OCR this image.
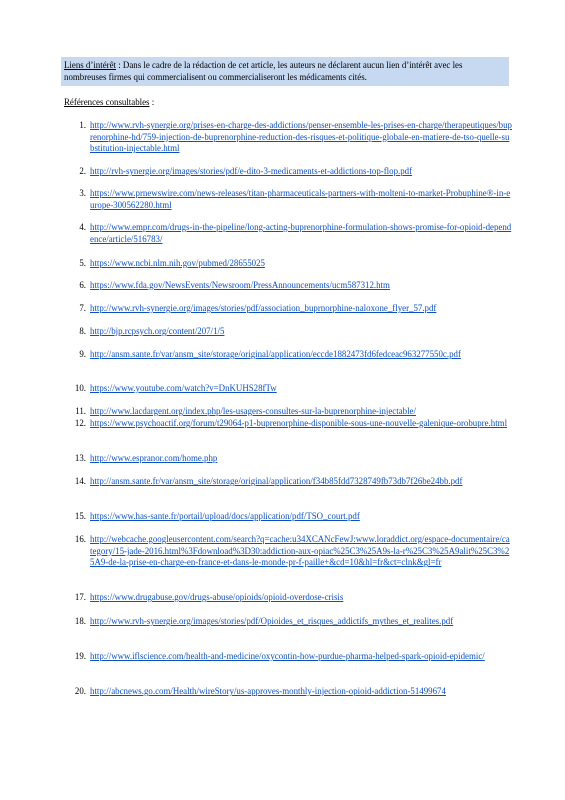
Liens d’intérêt : Dans le cadre de la rédaction de cet article, les auteurs ne déclarent aucun lien d’intérêt avec les nombreuses firmes qui commercialisent ou commercialiseront les médicaments cités.
Références consultables :
1. http://www.rvh-synergie.org/prises-en-charge-des-addictions/penser-ensemble-les-prises-en-charge/therapeutiques/buprenorphine-hd/759-injection-de-buprenorphine-reduction-des-risques-et-politique-globale-en-matiere-de-tso-quelle-substitution-injectable.html
2. http://rvh-synergie.org/images/stories/pdf/e-dito-3-medicaments-et-addictions-top-flop.pdf
3. https://www.prnewswire.com/news-releases/titan-pharmaceuticals-partners-with-molteni-to-market-Probuphine®-in-europe-300562280.html
4. http://www.empr.com/drugs-in-the-pipeline/long-acting-buprenorphine-formulation-shows-promise-for-opioid-dependence/article/516783/
5. https://www.ncbi.nlm.nih.gov/pubmed/28655025
6. https://www.fda.gov/NewsEvents/Newsroom/PressAnnouncements/ucm587312.htm
7. http://www.rvh-synergie.org/images/stories/pdf/association_buprnorphine-naloxone_flyer_57.pdf
8. http://bjp.rcpsych.org/content/207/1/5
9. http://ansm.sante.fr/var/ansm_site/storage/original/application/eccde1882473fd6fedceac963277550c.pdf
10. https://www.youtube.com/watch?v=DnKUHS28fTw
11. http://www.lacdargent.org/index.php/les-usagers-consultes-sur-la-buprenorphine-injectable/
12. https://www.psychoactif.org/forum/t29064-p1-buprenorphine-disponible-sous-une-nouvelle-galenique-orobupre.html
13. http://www.espranor.com/home.php
14. http://ansm.sante.fr/var/ansm_site/storage/original/application/f34b85fdd7328749fb73db7f26be24bb.pdf
15. https://www.has-sante.fr/portail/upload/docs/application/pdf/TSO_court.pdf
16. http://webcache.googleusercontent.com/search?q=cache:u34XCANcFewJ:www.loraddict.org/espace-documentaire/category/15-jade-2016.html%3Fdownload%3D30:addiction-aux-opiac%25C3%25A9s-la-r%25C3%25A9alit%25C3%25A9-de-la-prise-en-charge-en-france-et-dans-le-monde-pr-f-paille+&cd=10&hl=fr&ct=clnk&gl=fr
17. https://www.drugabuse.gov/drugs-abuse/opioids/opioid-overdose-crisis
18. http://www.rvh-synergie.org/images/stories/pdf/Opioides_et_risques_addictifs_mythes_et_realites.pdf
19. http://www.iflscience.com/health-and-medicine/oxycontin-how-purdue-pharma-helped-spark-opioid-epidemic/
20. http://abcnews.go.com/Health/wireStory/us-approves-monthly-injection-opioid-addiction-51499674
